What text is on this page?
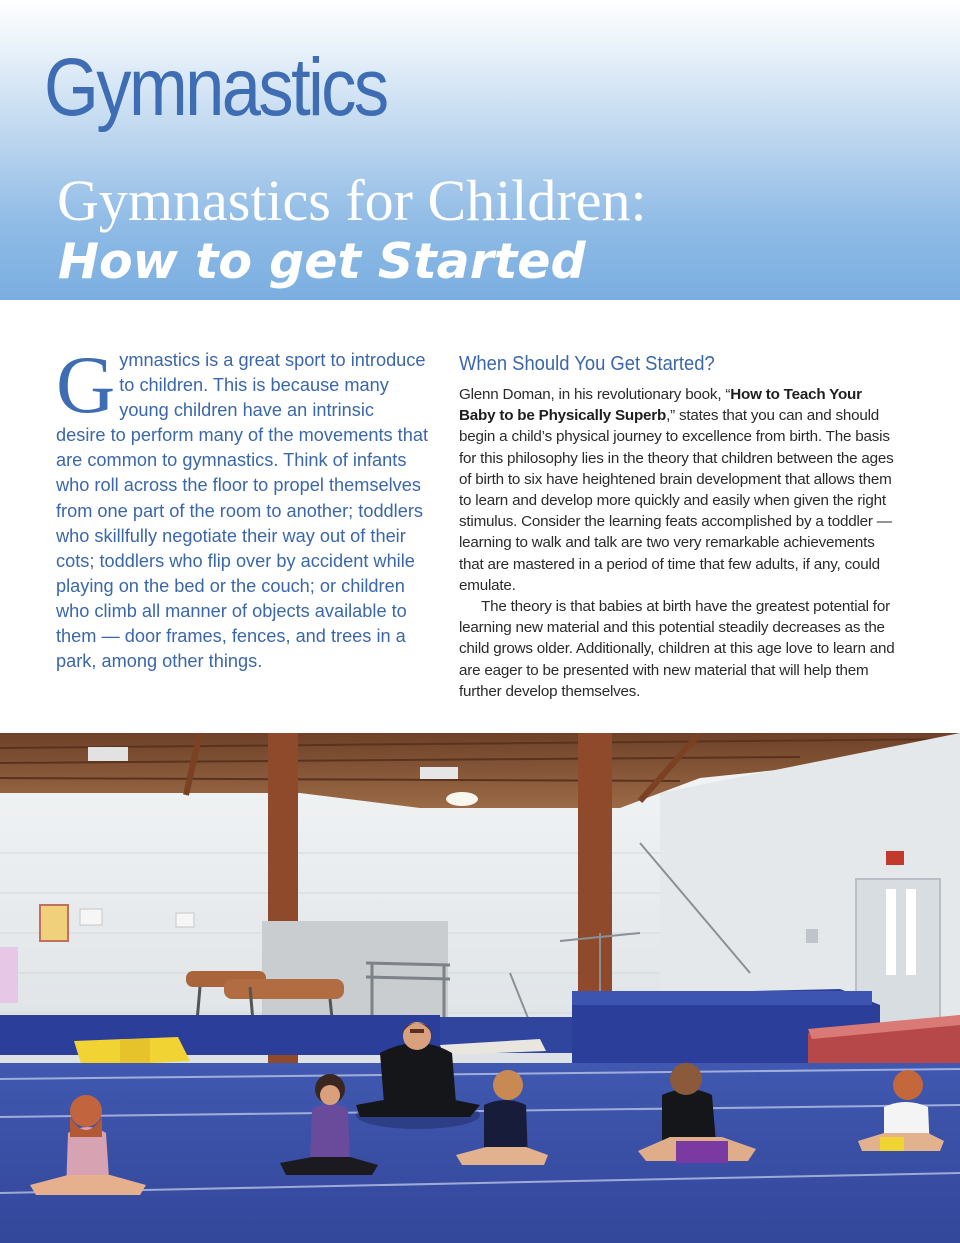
Gymnastics
Gymnastics for Children:
How to get Started
Gymnastics is a great sport to introduce to children. This is because many young children have an intrinsic desire to perform many of the movements that are common to gymnastics. Think of infants who roll across the floor to propel themselves from one part of the room to another; toddlers who skillfully negotiate their way out of their cots; toddlers who flip over by accident while playing on the bed or the couch; or children who climb all manner of objects available to them — door frames, fences, and trees in a park, among other things.
When Should You Get Started?
Glenn Doman, in his revolutionary book, “How to Teach Your Baby to be Physically Superb,” states that you can and should begin a child’s physical journey to excellence from birth. The basis for this philosophy lies in the theory that children between the ages of birth to six have heightened brain development that allows them to learn and develop more quickly and easily when given the right stimulus. Consider the learning feats accomplished by a toddler — learning to walk and talk are two very remarkable achievements that are mastered in a period of time that few adults, if any, could emulate.
The theory is that babies at birth have the greatest potential for learning new material and this potential steadily decreases as the child grows older. Additionally, children at this age love to learn and are eager to be presented with new material that will help them further develop themselves.
